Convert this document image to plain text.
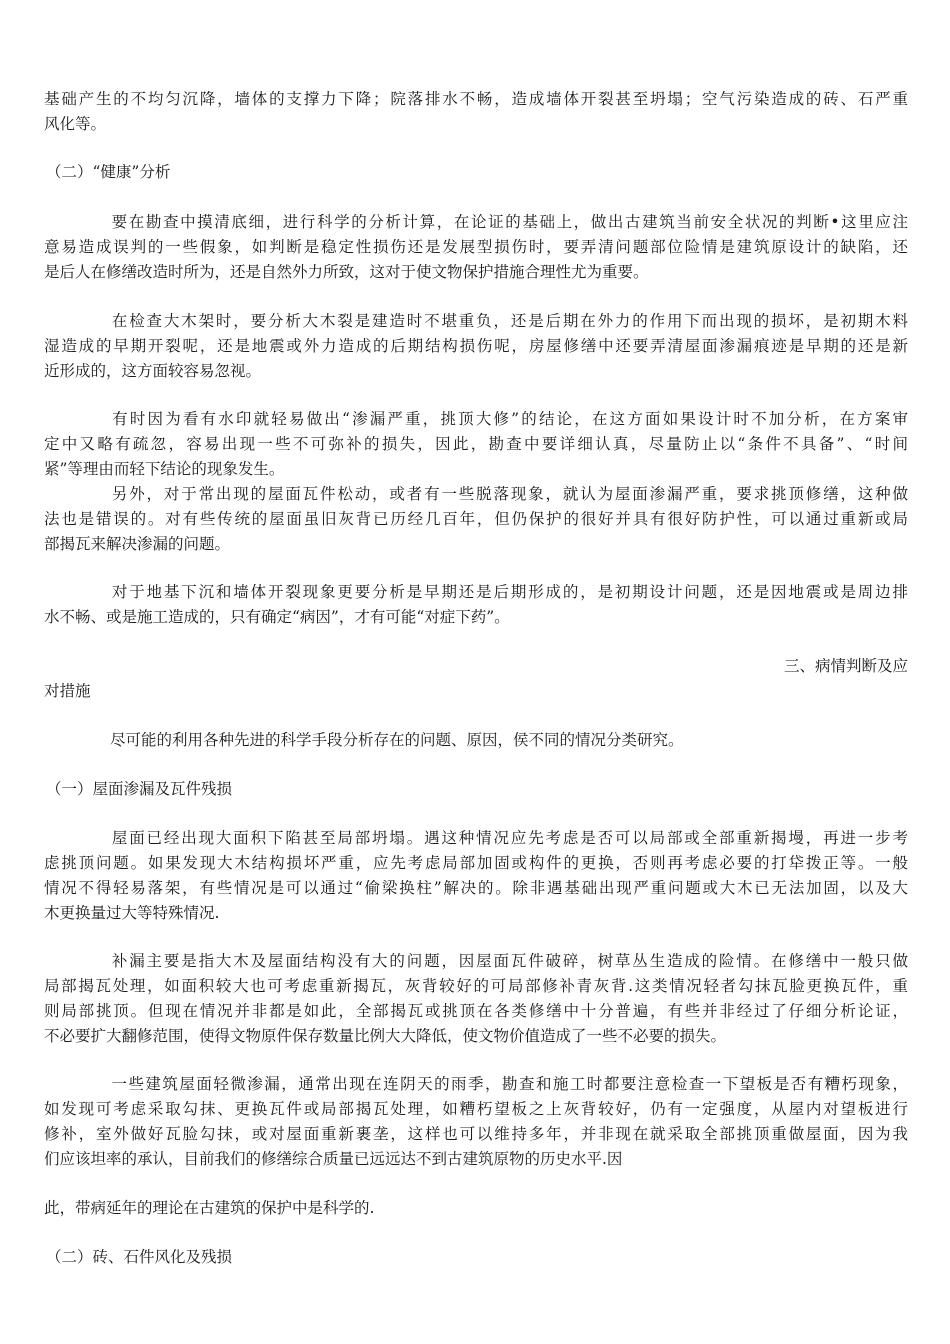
基础产生的不均匀沉降，墙体的支撑力下降；院落排水不畅，造成墙体开裂甚至坍塌；空气污染造成的砖、石严重
风化等。

（二）“健康”分析

要在勘查中摸清底细，进行科学的分析计算，在论证的基础上，做出古建筑当前安全状况的判断•这里应注
意易造成误判的一些假象，如判断是稳定性损伤还是发展型损伤时，要弄清问题部位险情是建筑原设计的缺陷，还
是后人在修缮改造时所为，还是自然外力所致，这对于使文物保护措施合理性尤为重要。

在检查大木架时，要分析大木裂是建造时不堪重负，还是后期在外力的作用下而出现的损坏，是初期木料
湿造成的早期开裂呢，还是地震或外力造成的后期结构损伤呢，房屋修缮中还要弄清屋面渗漏痕迹是早期的还是新
近形成的，这方面较容易忽视。

有时因为看有水印就轻易做出“渗漏严重，挑顶大修”的结论，在这方面如果设计时不加分析，在方案审
定中又略有疏忽，容易出现一些不可弥补的损失，因此，勘查中要详细认真，尽量防止以“条件不具备”、“时间
紧”等理由而轻下结论的现象发生。

另外，对于常出现的屋面瓦件松动，或者有一些脱落现象，就认为屋面渗漏严重，要求挑顶修缮，这种做
法也是错误的。对有些传统的屋面虽旧灰背已历经几百年，但仍保护的很好并具有很好防护性，可以通过重新或局
部揭瓦来解决渗漏的问题。

对于地基下沉和墙体开裂现象更要分析是早期还是后期形成的，是初期设计问题，还是因地震或是周边排
水不畅、或是施工造成的，只有确定“病因”，才有可能“对症下药”。

三、病情判断及应
对措施

尽可能的利用各种先进的科学手段分析存在的问题、原因，侯不同的情况分类研究。

（一）屋面渗漏及瓦件残损

屋面已经出现大面积下陷甚至局部坍塌。遇这种情况应先考虑是否可以局部或全部重新揭墁，再进一步考
虑挑顶问题。如果发现大木结构损坏严重，应先考虑局部加固或构件的更换，否则再考虑必要的打牮拨正等。一般
情况不得轻易落架，有些情况是可以通过“偷梁换柱”解决的。除非遇基础出现严重问题或大木已无法加固，以及大
木更换量过大等特殊情况.

补漏主要是指大木及屋面结构没有大的问题，因屋面瓦件破碎，树草丛生造成的险情。在修缮中一般只做
局部揭瓦处理，如面积较大也可考虑重新揭瓦，灰背较好的可局部修补青灰背.这类情况轻者勾抹瓦脸更换瓦件，重
则局部挑顶。但现在情况并非都是如此，全部揭瓦或挑顶在各类修缮中十分普遍，有些并非经过了仔细分析论证，
不必要扩大翻修范围，使得文物原件保存数量比例大大降低，使文物价值造成了一些不必要的损失。

一些建筑屋面轻微渗漏，通常出现在连阴天的雨季，勘查和施工时都要注意检查一下望板是否有糟朽现象，
如发现可考虑采取勾抹、更换瓦件或局部揭瓦处理，如糟朽望板之上灰背较好，仍有一定强度，从屋内对望板进行
修补，室外做好瓦脸勾抹，或对屋面重新裹垄，这样也可以维持多年，并非现在就采取全部挑顶重做屋面，因为我
们应该坦率的承认，目前我们的修缮综合质量已远远达不到古建筑原物的历史水平.因

此，带病延年的理论在古建筑的保护中是科学的.

（二）砖、石件风化及残损
